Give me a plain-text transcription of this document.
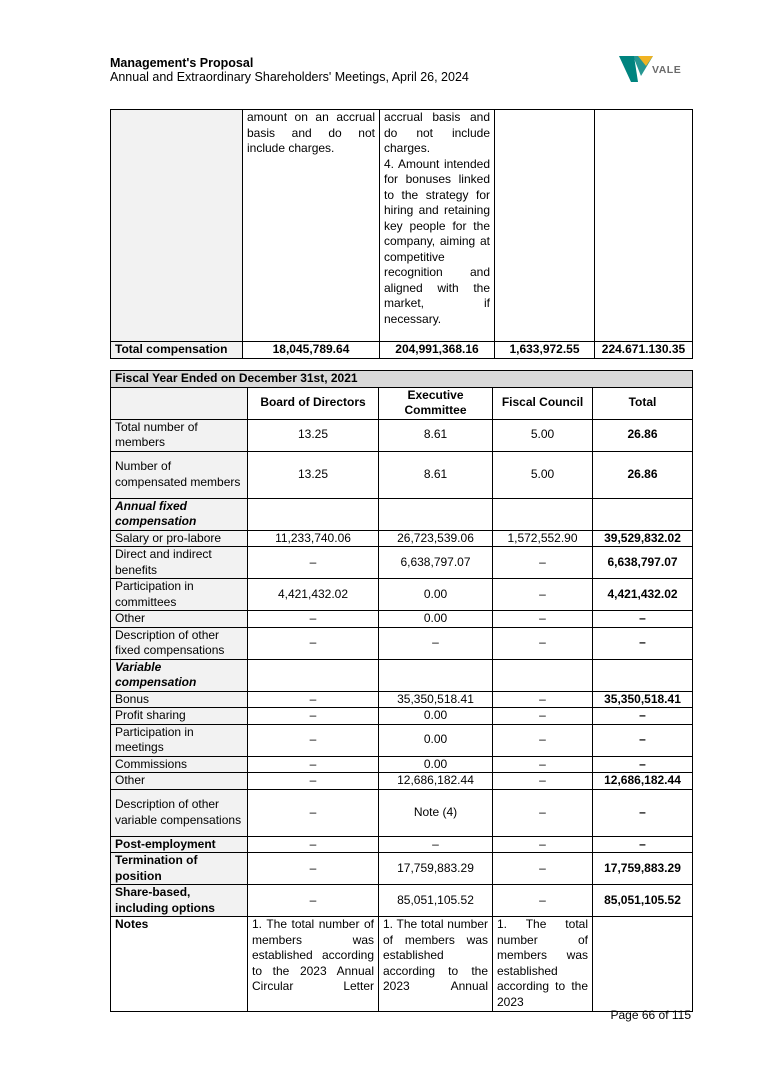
Management's Proposal
Annual and Extraordinary Shareholders' Meetings, April 26, 2024	VALE
	amount on an accrual basis and do not include charges.	accrual basis and do not include charges.
4. Amount intended for bonuses linked to the strategy for hiring and retaining key people for the company, aiming at competitive recognition and aligned with the market, if necessary.		

Total compensation	18,045,789.64	204,991,368.16	1,633,972.55	224.671.130.35
Fiscal Year Ended on December 31st, 2021				
	Board of Directors	Executive Committee	Fiscal Council	Total
Total number of members	13.25	8.61	5.00	26.86
Number of compensated members	13.25	8.61	5.00	26.86
Annual fixed compensation				
Salary or pro-labore	11,233,740.06	26,723,539.06	1,572,552.90	39,529,832.02
Direct and indirect benefits	–	6,638,797.07	–	6,638,797.07
Participation in committees	4,421,432.02	0.00	–	4,421,432.02
Other	–	0.00	–	–
Description of other fixed compensations	–	–	–	–
Variable compensation				
Bonus	–	35,350,518.41	–	35,350,518.41
Profit sharing	–	0.00	–	–
Participation in meetings	–	0.00	–	–
Commissions	–	0.00	–	–
Other	–	12,686,182.44	–	12,686,182.44
Description of other variable compensations	–	Note (4)	–	–
Post-employment	–	–	–	–
Termination of position	–	17,759,883.29	–	17,759,883.29
Share-based, including options	–	85,051,105.52	–	85,051,105.52
Notes	1. The total number of members was established according to the 2023 Annual Circular Letter	1. The total number of members was established according to the 2023 Annual	1. The total number of members was established according to the 2023	
Page 66 of 115
